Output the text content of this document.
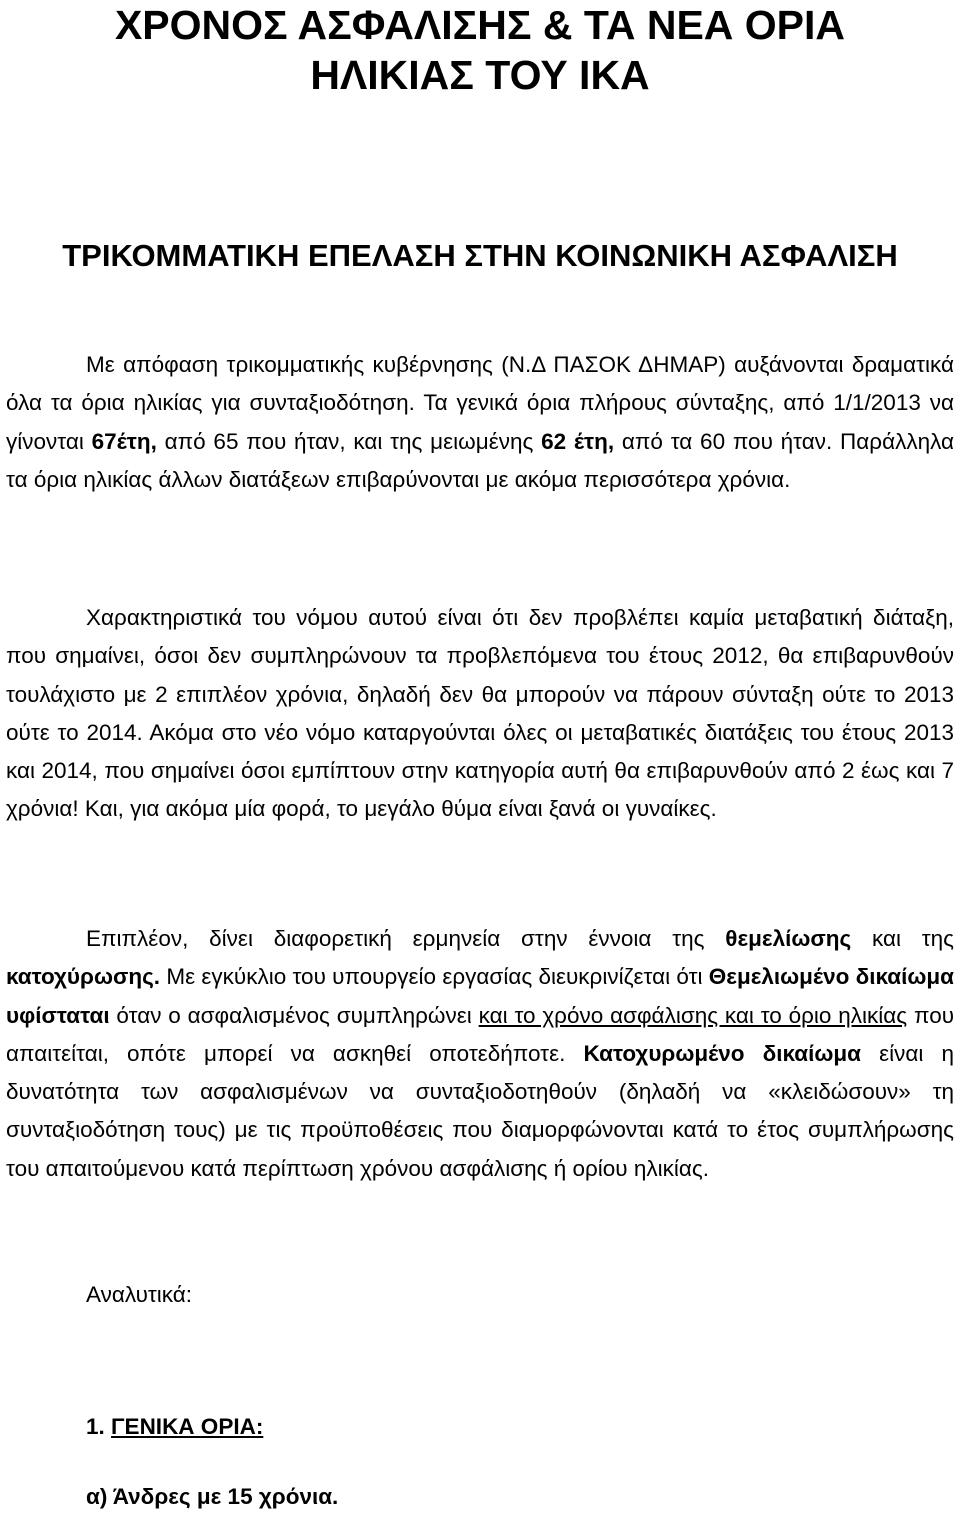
ΧΡΟΝΟΣ ΑΣΦΑΛΙΣΗΣ & ΤΑ ΝΕΑ ΟΡΙΑ
ΗΛΙΚΙΑΣ ΤΟΥ ΙΚΑ
ΤΡΙΚΟΜΜΑΤΙΚΗ ΕΠΕΛΑΣΗ ΣΤΗΝ ΚΟΙΝΩΝΙΚΗ ΑΣΦΑΛΙΣΗ

Με απόφαση τρικομματικής κυβέρνησης (Ν.Δ ΠΑΣΟΚ ΔΗΜΑΡ) αυξάνονται δραματικά όλα τα όρια ηλικίας για συνταξιοδότηση. Τα γενικά όρια πλήρους σύνταξης, από 1/1/2013 να γίνονται 67έτη, από 65 που ήταν, και της μειωμένης 62 έτη, από τα 60 που ήταν. Παράλληλα τα όρια ηλικίας άλλων διατάξεων επιβαρύνονται με ακόμα περισσότερα χρόνια.

Χαρακτηριστικά του νόμου αυτού είναι ότι δεν προβλέπει καμία μεταβατική διάταξη, που σημαίνει, όσοι δεν συμπληρώνουν τα προβλεπόμενα του έτους 2012, θα επιβαρυνθούν τουλάχιστο με 2 επιπλέον χρόνια, δηλαδή δεν θα μπορούν να πάρουν σύνταξη ούτε το 2013 ούτε το 2014. Ακόμα στο νέο νόμο καταργούνται όλες οι μεταβατικές διατάξεις του έτους 2013 και 2014, που σημαίνει όσοι εμπίπτουν στην κατηγορία αυτή θα επιβαρυνθούν από 2 έως και 7 χρόνια! Και, για ακόμα μία φορά, το μεγάλο θύμα είναι ξανά οι γυναίκες.

Επιπλέον, δίνει διαφορετική ερμηνεία στην έννοια της θεμελίωσης και της κατοχύρωσης. Με εγκύκλιο του υπουργείο εργασίας διευκρινίζεται ότι Θεμελιωμένο δικαίωμα υφίσταται όταν ο ασφαλισμένος συμπληρώνει και το χρόνο ασφάλισης και το όριο ηλικίας που απαιτείται, οπότε μπορεί να ασκηθεί οποτεδήποτε. Κατοχυρωμένο δικαίωμα είναι η δυνατότητα των ασφαλισμένων να συνταξιοδοτηθούν (δηλαδή να «κλειδώσουν» τη συνταξιοδότηση τους) με τις προϋποθέσεις που διαμορφώνονται κατά το έτος συμπλήρωσης του απαιτούμενου κατά περίπτωση χρόνου ασφάλισης ή ορίου ηλικίας.

Αναλυτικά:

1. ΓΕΝΙΚΑ ΟΡΙΑ:

α) Άνδρες με 15 χρόνια.
